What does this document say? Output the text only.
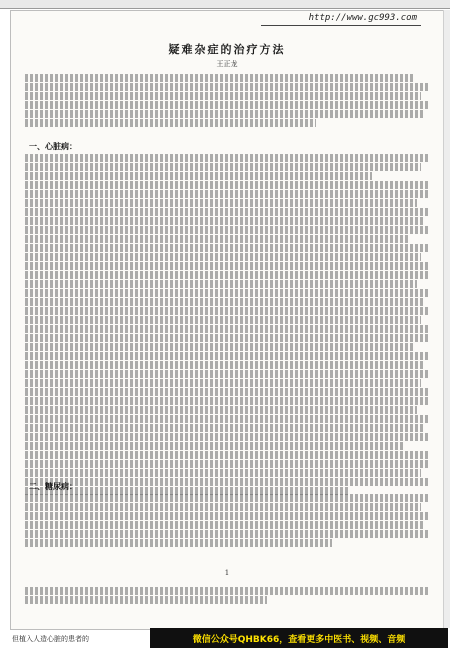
http://www.gc993.com
疑难杂症的治疗方法
王正龙
一、心脏病：
二、糖尿病：
1
但植入人造心脏的患者的	微信公众号QHBK66，查看更多中医书、视频、音频
